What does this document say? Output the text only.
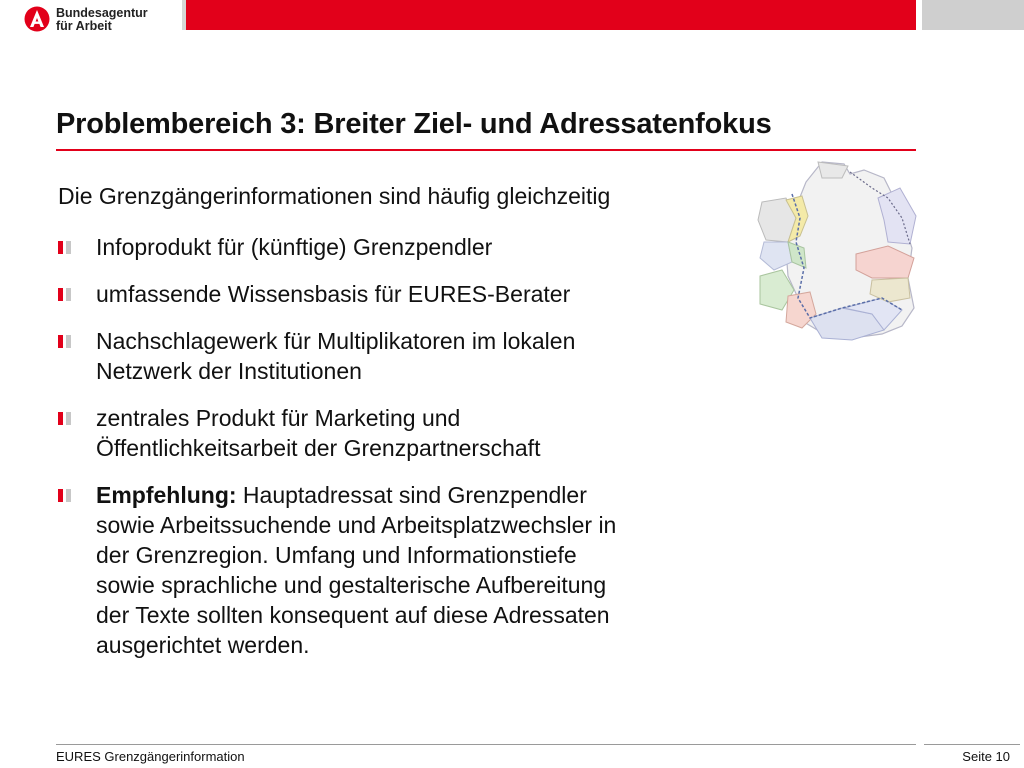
Bundesagentur
für Arbeit
Problembereich 3: Breiter Ziel- und Adressatenfokus
Die Grenzgängerinformationen sind häufig gleichzeitig
Infoprodukt für (künftige) Grenzpendler
umfassende Wissensbasis für EURES-Berater
Nachschlagewerk für Multiplikatoren im lokalen
Netzwerk der Institutionen
zentrales Produkt für Marketing und
Öffentlichkeitsarbeit der Grenzpartnerschaft
Empfehlung: Hauptadressat sind Grenzpendler
sowie Arbeitssuchende und Arbeitsplatzwechsler in
der Grenzregion. Umfang und Informationstiefe
sowie sprachliche und gestalterische Aufbereitung
der Texte sollten konsequent auf diese Adressaten
ausgerichtet werden.
EURES Grenzgängerinformation	Seite 10
